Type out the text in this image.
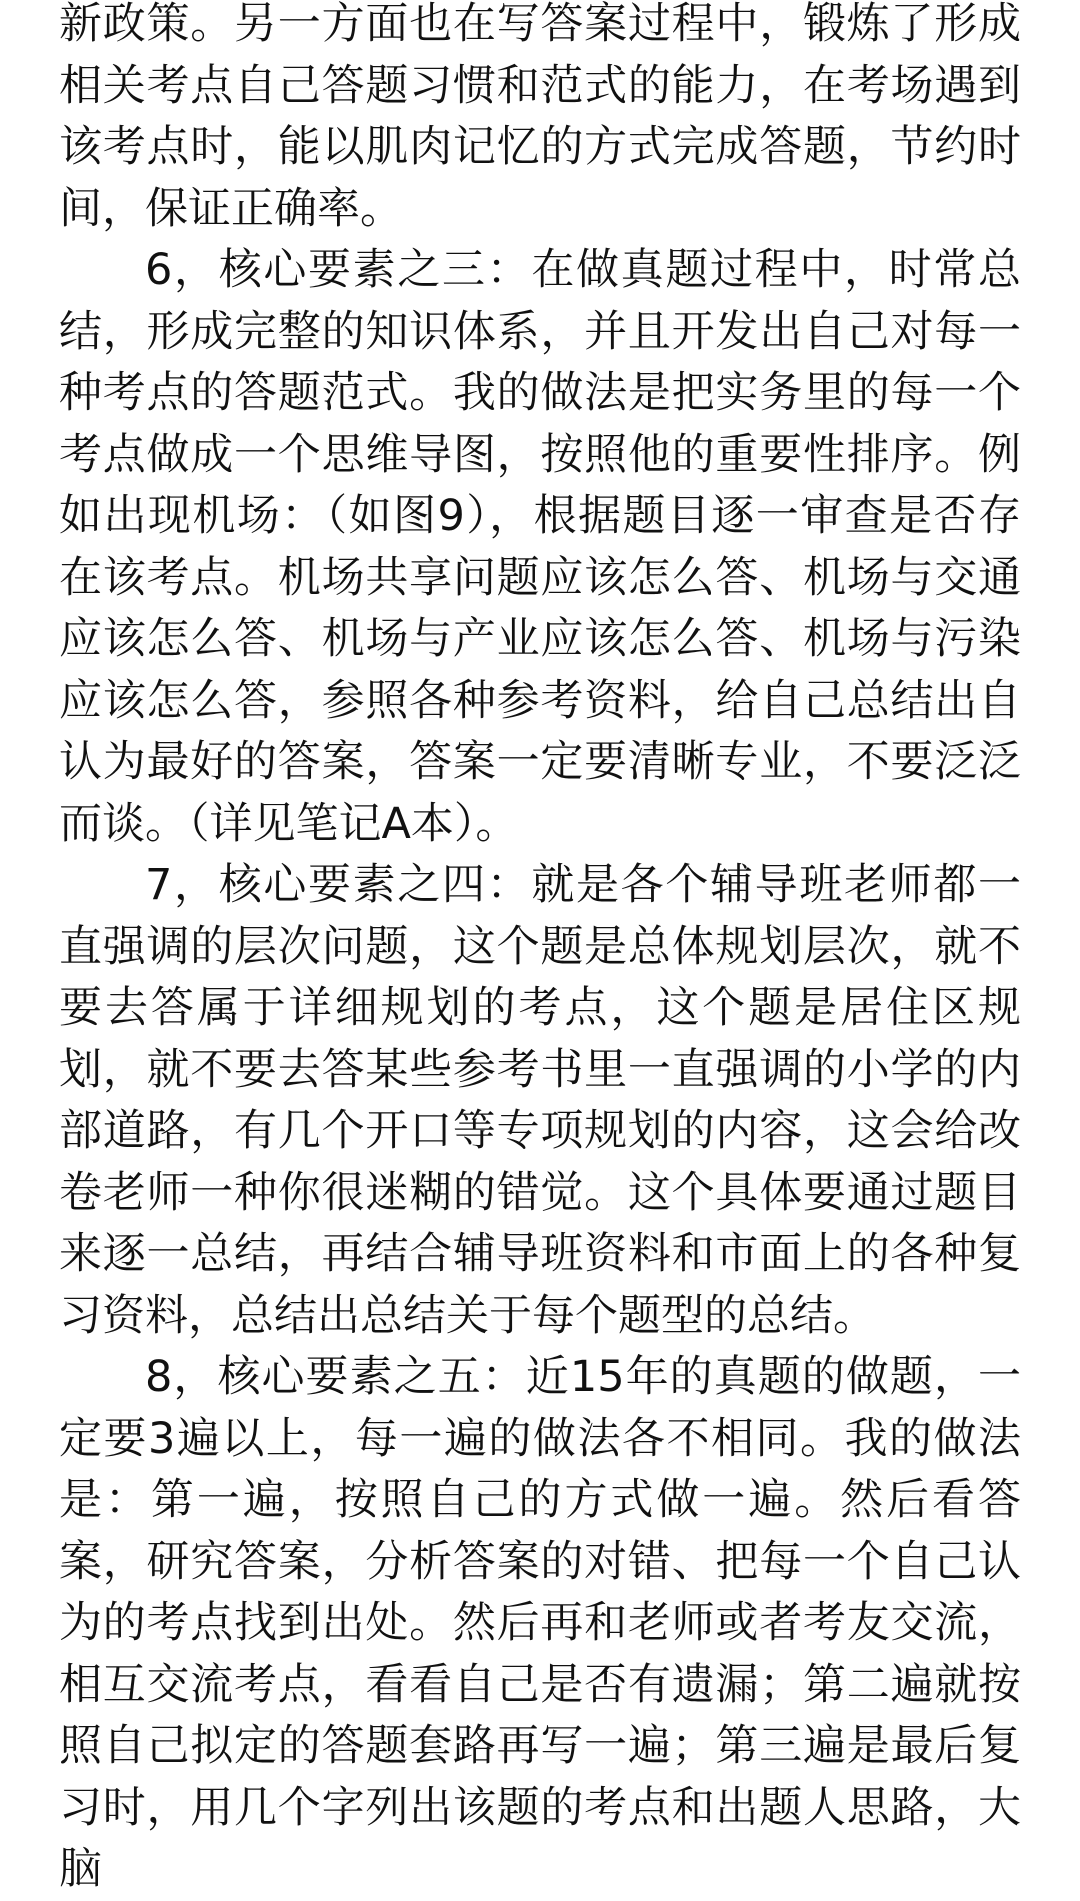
新政策。另一方面也在写答案过程中，锻炼了形成相关考点自己答题习惯和范式的能力，在考场遇到该考点时，能以肌肉记忆的方式完成答题，节约时间，保证正确率。

6，核心要素之三：在做真题过程中，时常总结，形成完整的知识体系，并且开发出自己对每一种考点的答题范式。我的做法是把实务里的每一个考点做成一个思维导图，按照他的重要性排序。例如出现机场：（如图9），根据题目逐一审查是否存在该考点。机场共享问题应该怎么答、机场与交通应该怎么答、机场与产业应该怎么答、机场与污染应该怎么答，参照各种参考资料，给自己总结出自认为最好的答案，答案一定要清晰专业，不要泛泛而谈。（详见笔记A本）。

7，核心要素之四：就是各个辅导班老师都一直强调的层次问题，这个题是总体规划层次，就不要去答属于详细规划的考点，这个题是居住区规划，就不要去答某些参考书里一直强调的小学的内部道路，有几个开口等专项规划的内容，这会给改卷老师一种你很迷糊的错觉。这个具体要通过题目来逐一总结，再结合辅导班资料和市面上的各种复习资料，总结出总结关于每个题型的总结。

8，核心要素之五：近15年的真题的做题，一定要3遍以上，每一遍的做法各不相同。我的做法是：第一遍，按照自己的方式做一遍。然后看答案，研究答案，分析答案的对错、把每一个自己认为的考点找到出处。然后再和老师或者考友交流，相互交流考点，看看自己是否有遗漏；第二遍就按照自己拟定的答题套路再写一遍；第三遍是最后复习时，用几个字列出该题的考点和出题人思路，大脑
